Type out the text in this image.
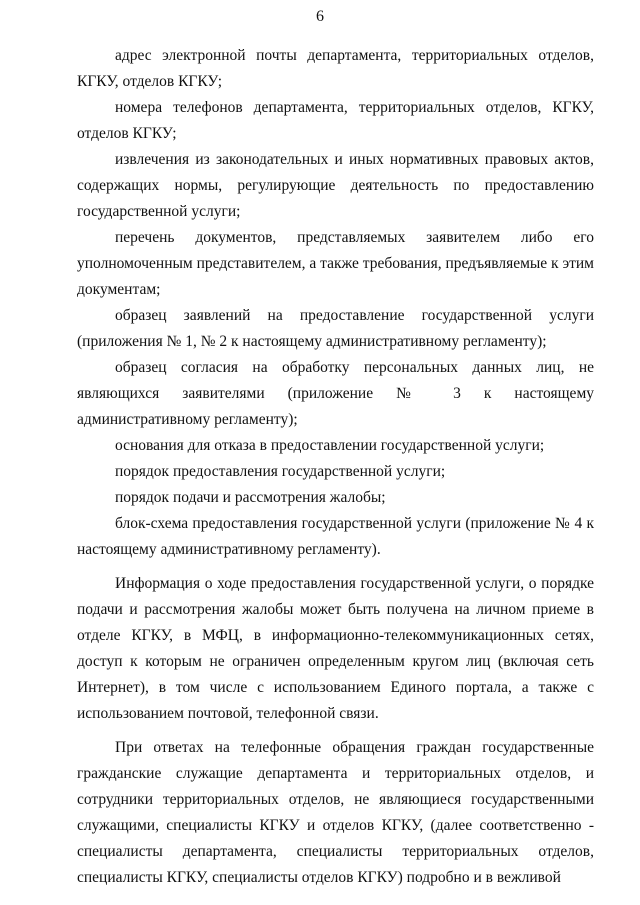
6

адрес электронной почты департамента, территориальных отделов, КГКУ, отделов КГКУ;

номера телефонов департамента, территориальных отделов, КГКУ, отделов КГКУ;

извлечения из законодательных и иных нормативных правовых актов, содержащих нормы, регулирующие деятельность по предоставлению государственной услуги;

перечень документов, представляемых заявителем либо его уполномоченным представителем, а также требования, предъявляемые к этим документам;

образец заявлений на предоставление государственной услуги (приложения № 1, № 2 к настоящему административному регламенту);

образец согласия на обработку персональных данных лиц, не являющихся заявителями (приложение № 3 к настоящему административному регламенту);

основания для отказа в предоставлении государственной услуги;

порядок предоставления государственной услуги;

порядок подачи и рассмотрения жалобы;

блок-схема предоставления государственной услуги (приложение № 4 к настоящему административному регламенту).

Информация о ходе предоставления государственной услуги, о порядке подачи и рассмотрения жалобы может быть получена на личном приеме в отделе КГКУ, в МФЦ, в информационно-телекоммуникационных сетях, доступ к которым не ограничен определенным кругом лиц (включая сеть Интернет), в том числе с использованием Единого портала, а также с использованием почтовой, телефонной связи.

При ответах на телефонные обращения граждан государственные гражданские служащие департамента и территориальных отделов, и сотрудники территориальных отделов, не являющиеся государственными служащими, специалисты КГКУ и отделов КГКУ, (далее соответственно - специалисты департамента, специалисты территориальных отделов, специалисты КГКУ, специалисты отделов КГКУ) подробно и в вежливой
